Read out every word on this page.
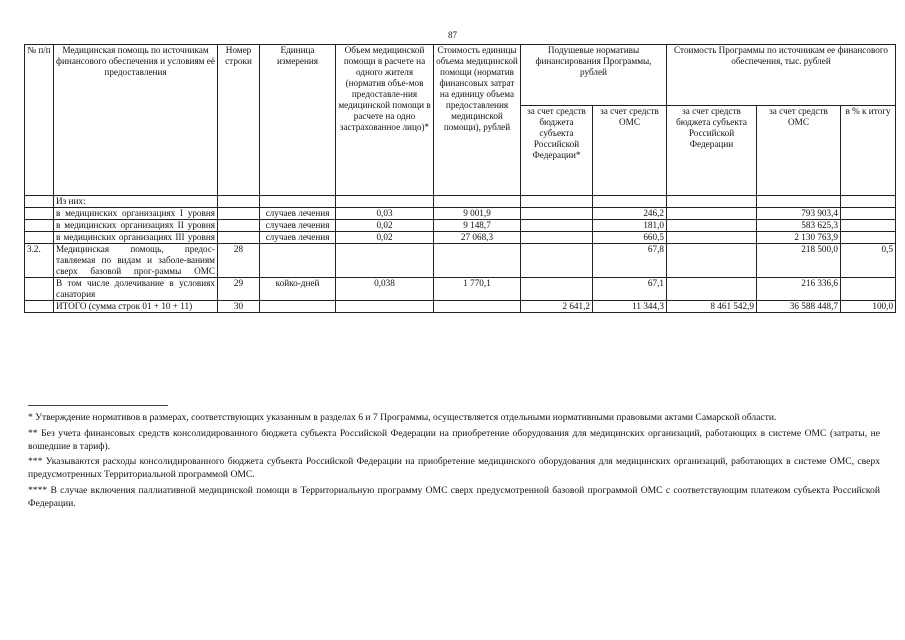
87
№ п/п	Медицинская помощь по источникам финансового обеспечения и условиям её предоставления	Номер строки	Единица измерения	Объем медицинской помощи в расчете на одного жителя (норматив объе-мов предоставле-ния медицинской помощи в расчете на одно застрахованное лицо)*	Стоимость единицы объема медицинской помощи (норматив финансовых затрат на единицу объема предоставления медицинской помощи), рублей	Подушевые нормативы финансирования Программы, рублей		Стоимость Программы по источникам ее финансового обеспечения, тыс. рублей		
						за счет средств бюджета субъекта Российской Федерации*	за счет средств ОМС	за счет средств бюджета субъекта Российской Федерации	за счет средств ОМС	в % к итогу
	Из них:									
	в медицинских организациях I уровня		случаев лечения	0,03	9 001,9		246,2		793 903,4	
	в медицинских организациях II уровня		случаев лечения	0,02	9 148,7		181,0		583 625,3	
	в медицинских организациях III уровня		случаев лечения	0,02	27 068,3		660,5		2 130 763,9	
3.2.	Медицинская помощь, предос-тавляемая по видам и заболе-ваниям сверх базовой прог-раммы ОМС	28					67,8		218 500,0	0,5
	В том числе долечивание в условиях санатория	29	койко-дней	0,038	1 770,1		67,1		216 336,6	
	ИТОГО (сумма строк 01 + 10 + 11)	30				2 641,2	11 344,3	8 461 542,9	36 588 448,7	100,0

* Утверждение нормативов в размерах, соответствующих указанным в разделах 6 и 7 Программы, осуществляется отдельными нормативными правовыми актами Самарской области.

** Без учета финансовых средств консолидированного бюджета субъекта Российской Федерации на приобретение оборудования для медицинских организаций, работающих в системе ОМС (затраты, не вошедшие в тариф).

*** Указываются расходы консолидированного бюджета субъекта Российской Федерации на приобретение медицинского оборудования для медицинских организаций, работающих в системе ОМС, сверх предусмотренных Территориальной программой ОМС.

**** В случае включения паллиативной медицинской помощи в Территориальную программу ОМС сверх предусмотренной базовой программой ОМС с соответствующим платежом субъекта Российской Федерации.
